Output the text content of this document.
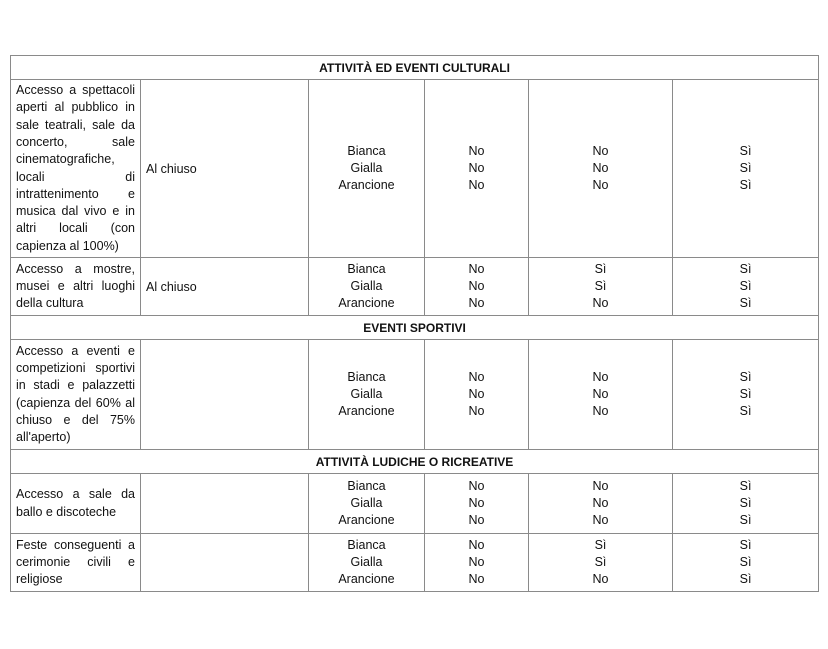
ATTIVITÀ ED EVENTI CULTURALI					
Accesso a spettacoli aperti al pubblico in sale teatrali, sale da concerto, sale cinematografiche, locali di intrattenimento e musica dal vivo e in altri locali (con capienza al 100%)	Al chiuso	Bianca
Gialla
Arancione	No
No
No	No
No
No	Sì
Sì
Sì

Accesso a mostre, musei e altri luoghi della cultura	Al chiuso	Bianca
Gialla
Arancione	No
No
No	Sì
Sì
No	Sì
Sì
Sì

EVENTI SPORTIVI					
Accesso a eventi e competizioni sportivi in stadi e palazzetti (capienza del 60% al chiuso e del 75% all'aperto)		Bianca
Gialla
Arancione	No
No
No	No
No
No	Sì
Sì
Sì

ATTIVITÀ LUDICHE O RICREATIVE					
Accesso a sale da ballo e discoteche		Bianca
Gialla
Arancione	No
No
No	No
No
No	Sì
Sì
Sì

Feste conseguenti a cerimonie civili e religiose		Bianca
Gialla
Arancione	No
No
No	Sì
Sì
No	Sì
Sì
Sì
